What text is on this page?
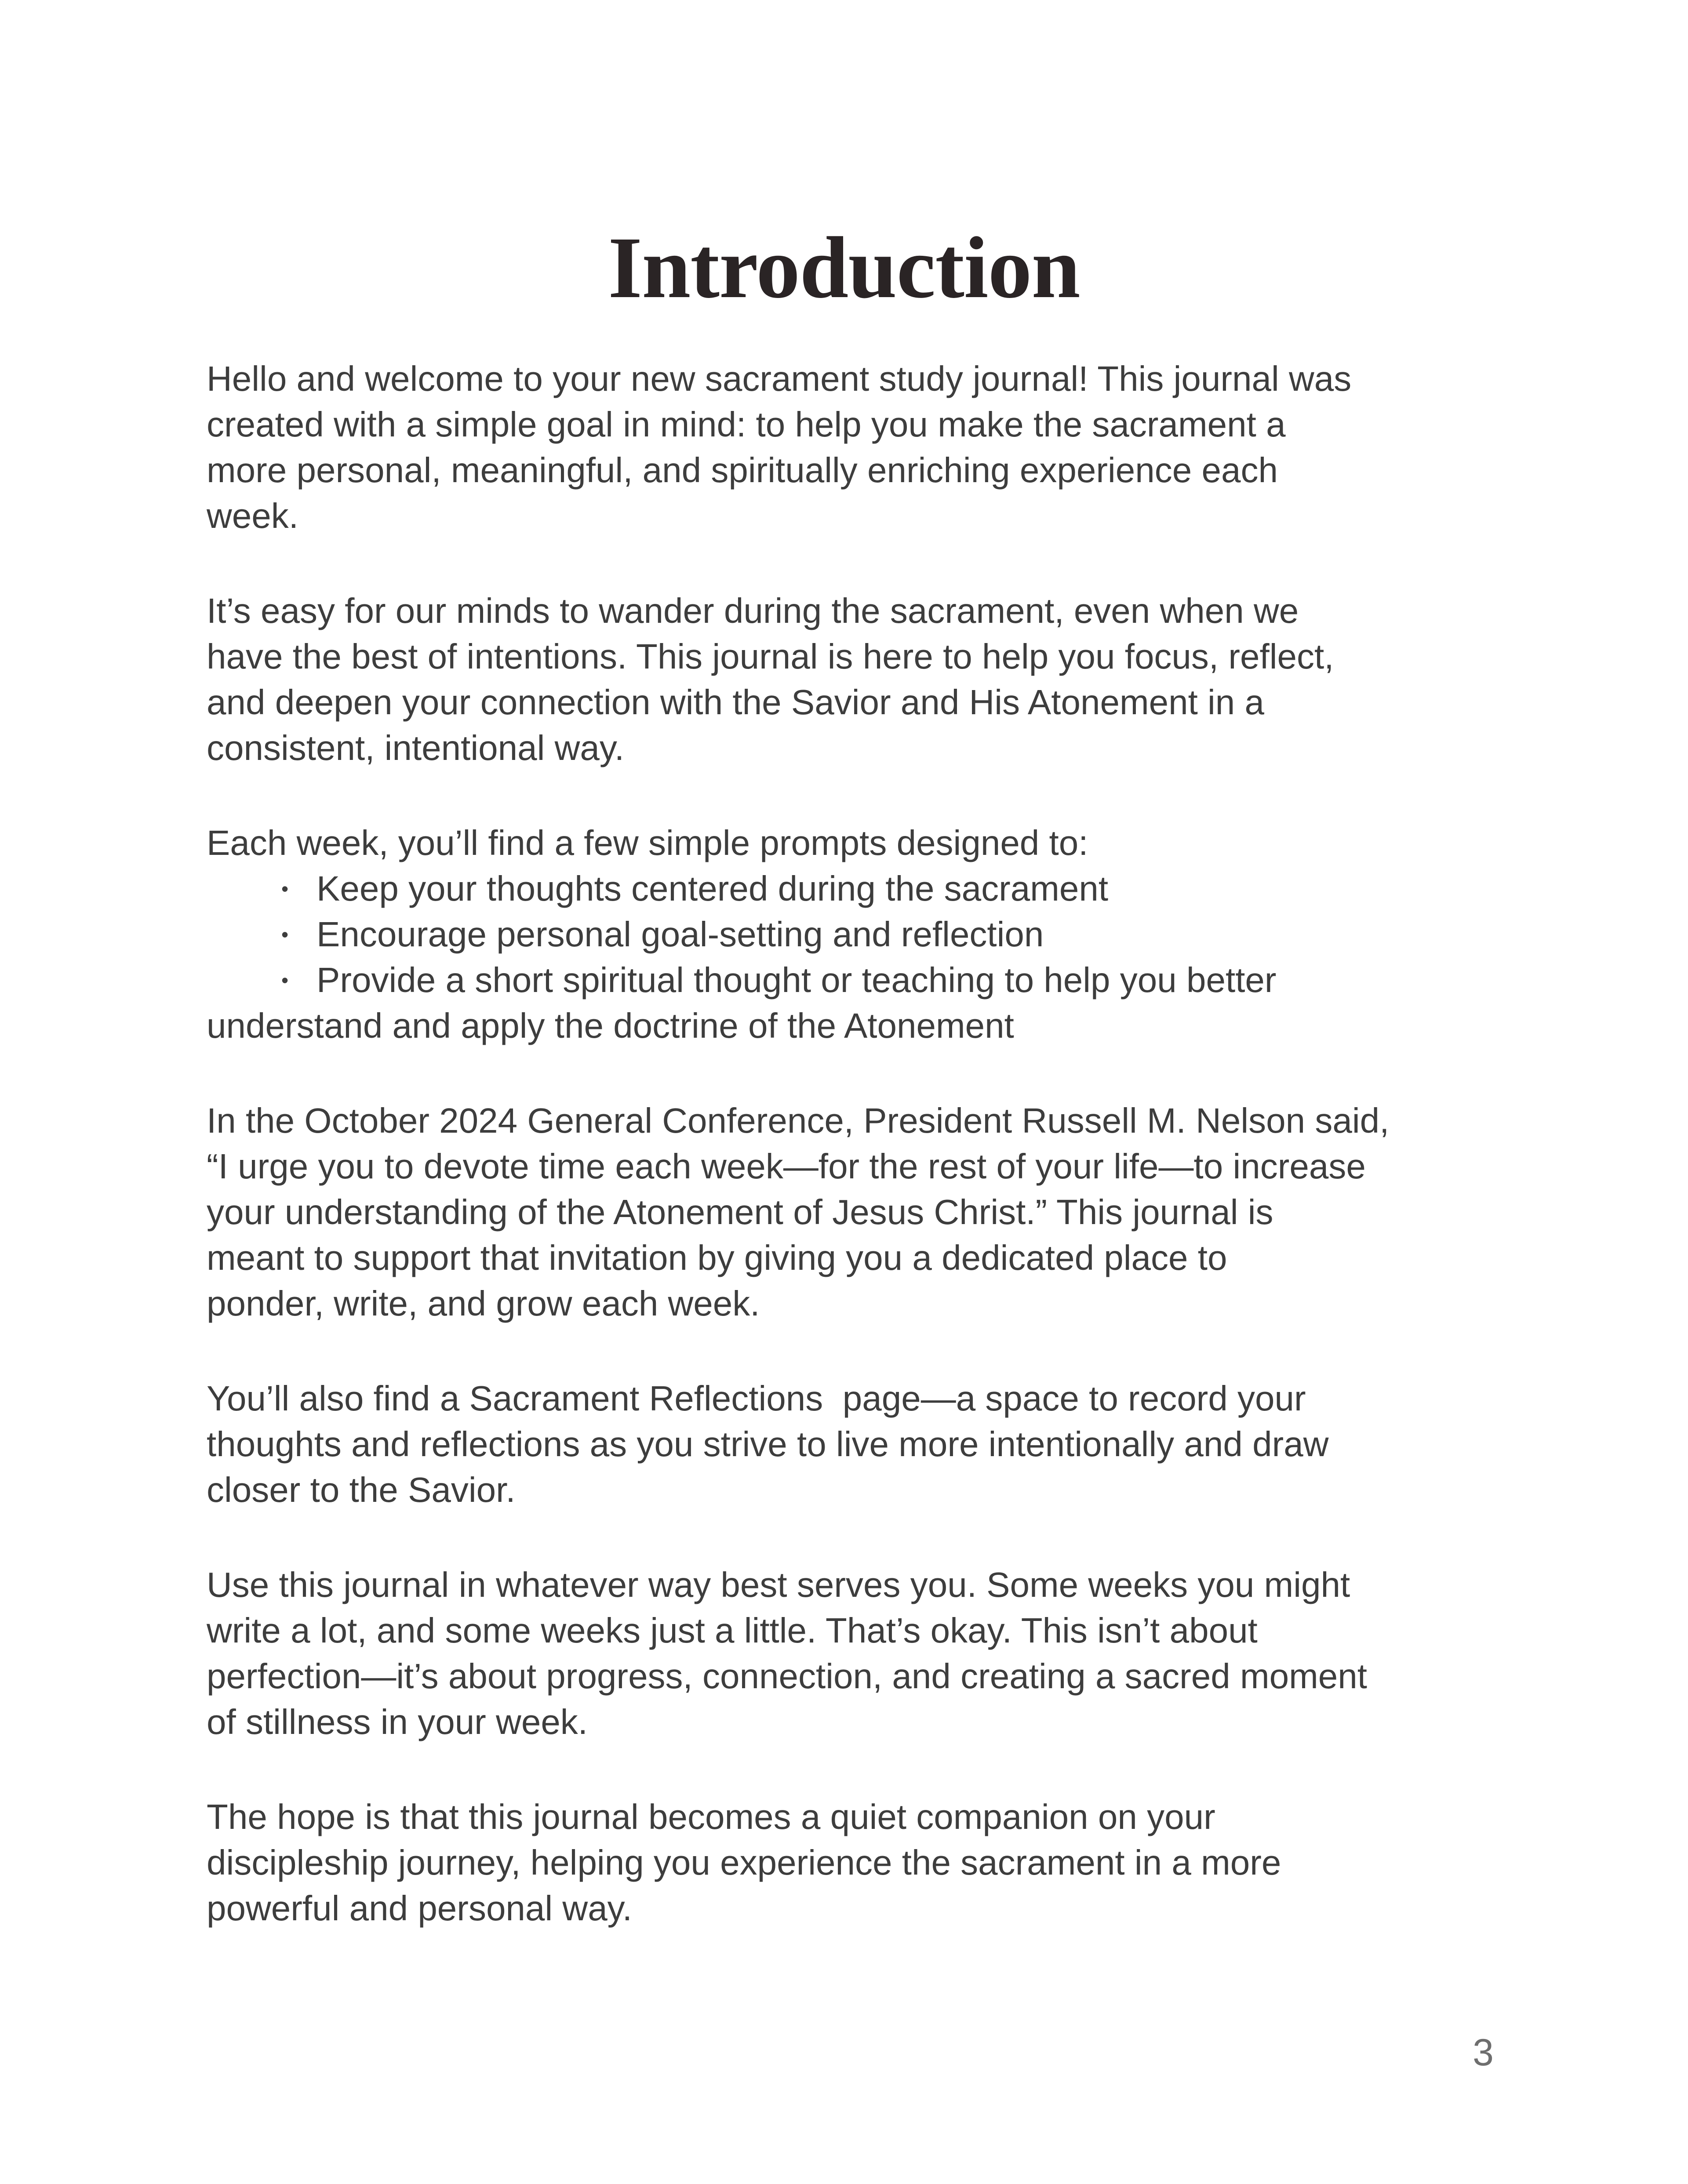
Introduction
Hello and welcome to your new sacrament study journal! This journal was
created with a simple goal in mind: to help you make the sacrament a
more personal, meaningful, and spiritually enriching experience each
week.
It’s easy for our minds to wander during the sacrament, even when we
have the best of intentions. This journal is here to help you focus, reflect,
and deepen your connection with the Savior and His Atonement in a
consistent, intentional way.
Each week, you’ll find a few simple prompts designed to:
• Keep your thoughts centered during the sacrament
• Encourage personal goal-setting and reflection
• Provide a short spiritual thought or teaching to help you better
understand and apply the doctrine of the Atonement
In the October 2024 General Conference, President Russell M. Nelson said,
“I urge you to devote time each week—for the rest of your life—to increase
your understanding of the Atonement of Jesus Christ.” This journal is
meant to support that invitation by giving you a dedicated place to
ponder, write, and grow each week.
You’ll also find a Sacrament Reflections  page—a space to record your
thoughts and reflections as you strive to live more intentionally and draw
closer to the Savior.
Use this journal in whatever way best serves you. Some weeks you might
write a lot, and some weeks just a little. That’s okay. This isn’t about
perfection—it’s about progress, connection, and creating a sacred moment
of stillness in your week.
The hope is that this journal becomes a quiet companion on your
discipleship journey, helping you experience the sacrament in a more
powerful and personal way.
3
